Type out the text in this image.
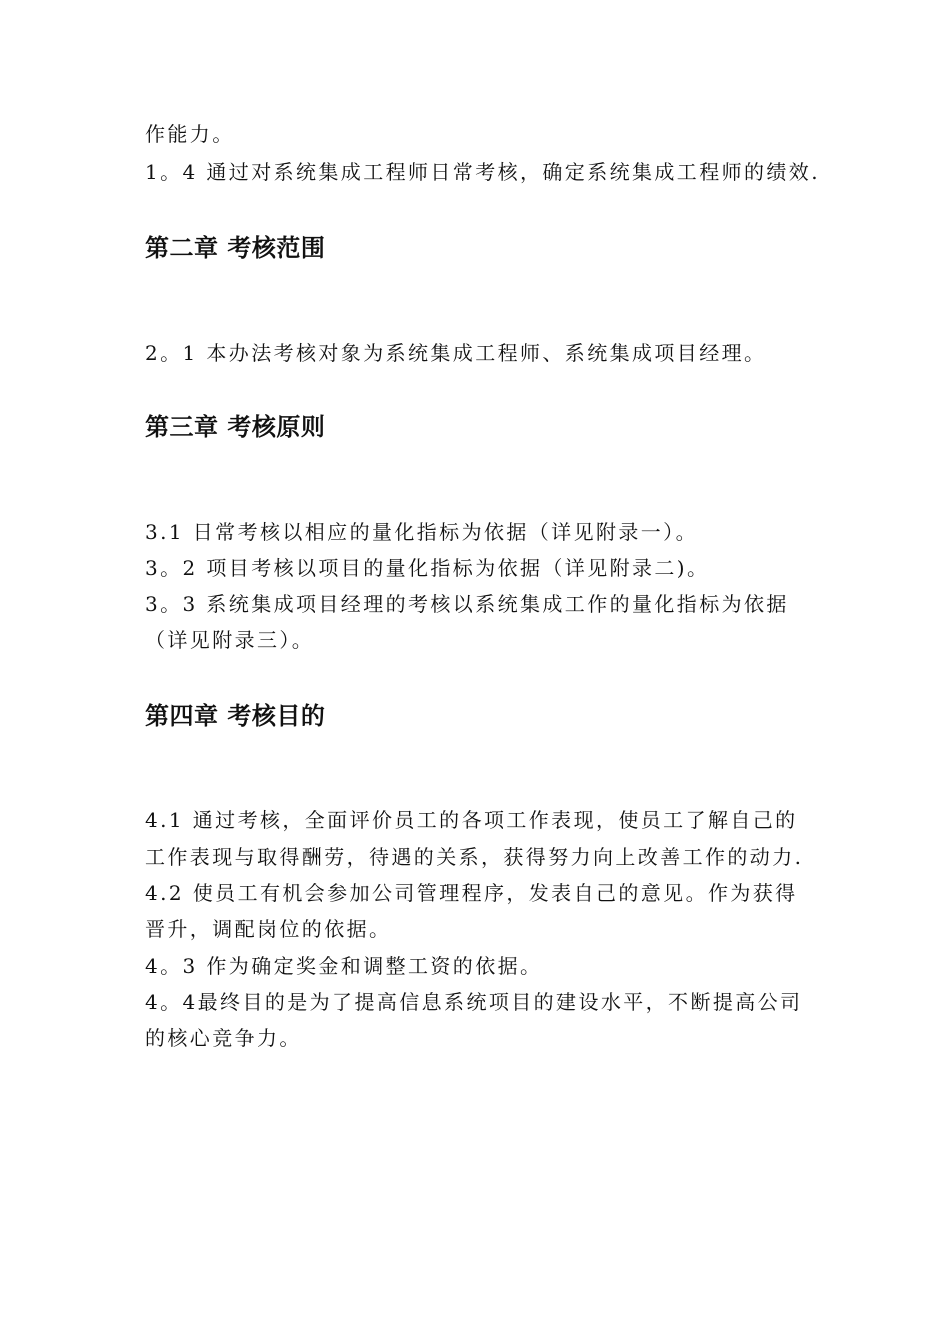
作能力。
1。4 通过对系统集成工程师日常考核，确定系统集成工程师的绩效.
第二章 考核范围
2。1 本办法考核对象为系统集成工程师、系统集成项目经理。
第三章 考核原则
3.1 日常考核以相应的量化指标为依据（详见附录一）。
3。2 项目考核以项目的量化指标为依据（详见附录二)。
3。3 系统集成项目经理的考核以系统集成工作的量化指标为依据
（详见附录三）。
第四章 考核目的
4.1 通过考核，全面评价员工的各项工作表现，使员工了解自己的
工作表现与取得酬劳，待遇的关系，获得努力向上改善工作的动力.
4.2 使员工有机会参加公司管理程序，发表自己的意见。作为获得
晋升，调配岗位的依据。
4。3 作为确定奖金和调整工资的依据。
4。4最终目的是为了提高信息系统项目的建设水平，不断提高公司
的核心竞争力。
